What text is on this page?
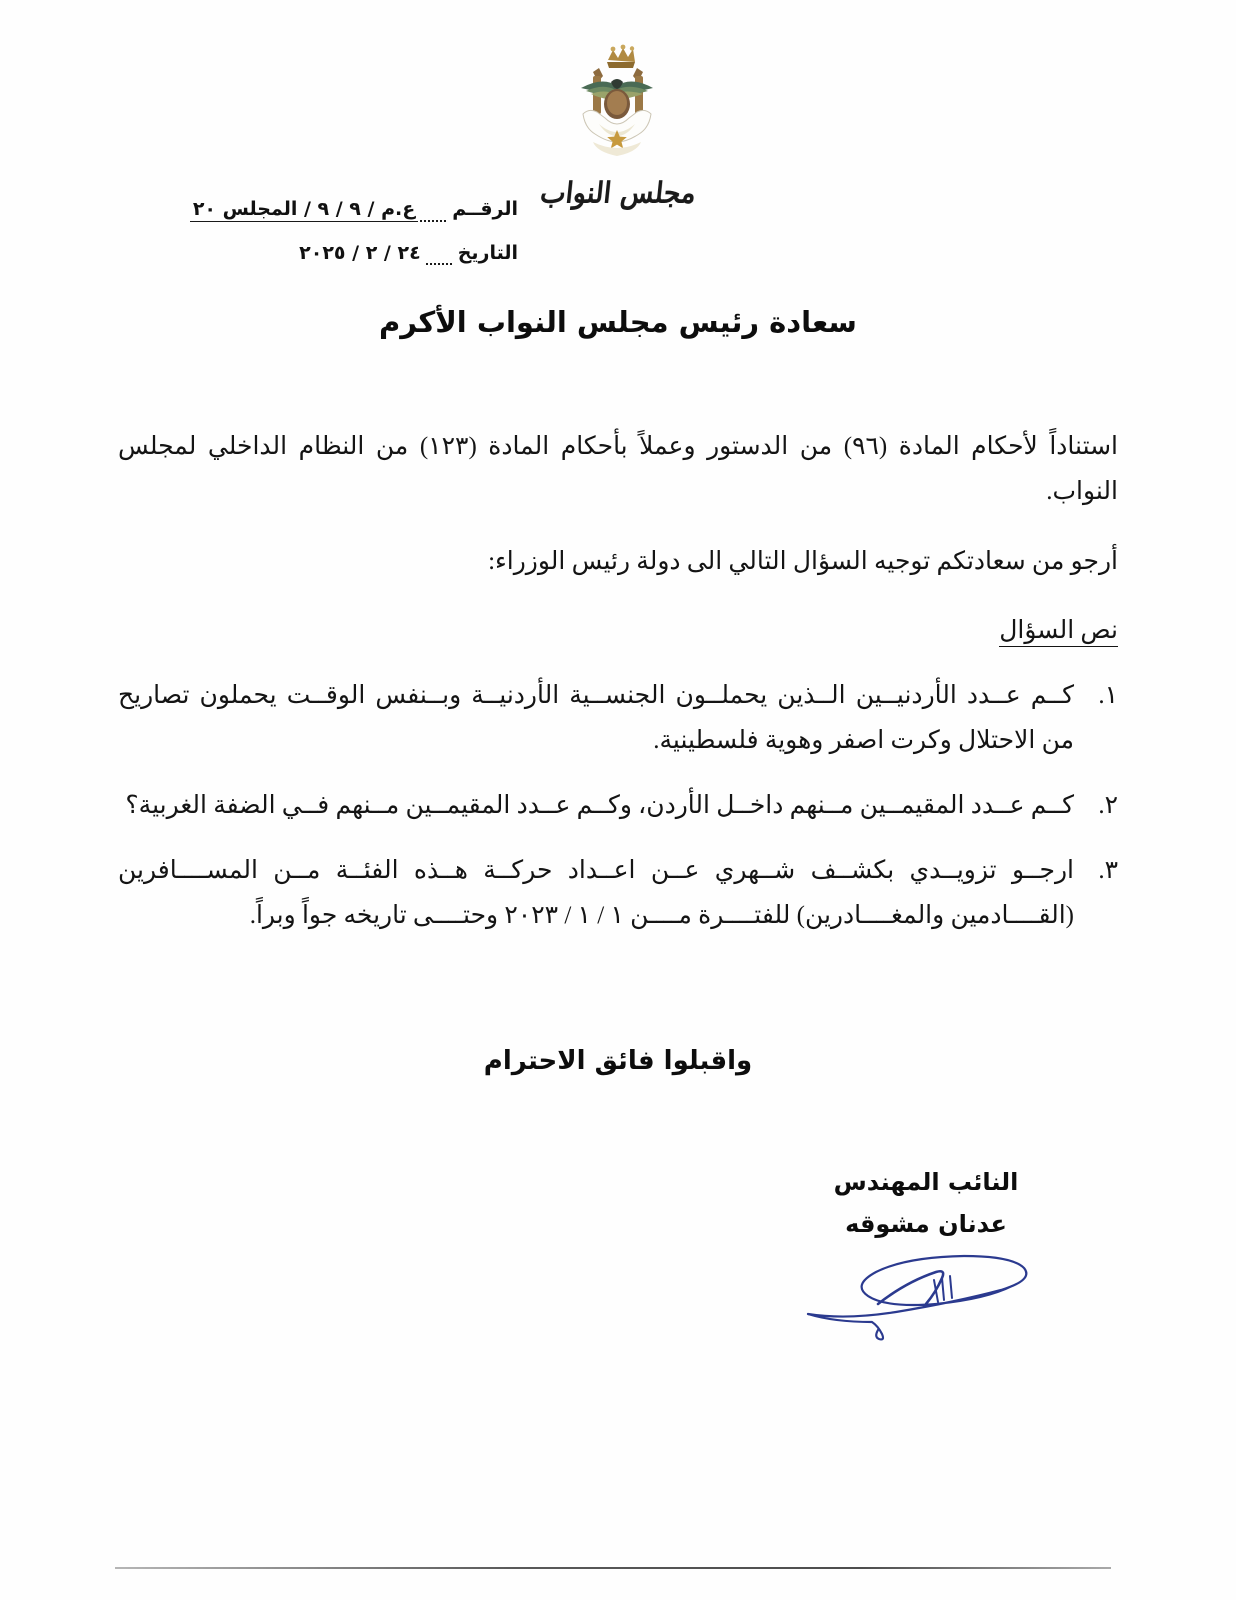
مجلس النواب
الرقــم
ع.م / ٩ / ٩ / المجلس ٢٠
التاريخ
٢٤ / ٢ / ٢٠٢٥
سعادة رئيس مجلس النواب الأكرم

استناداً لأحكام المادة (٩٦) من الدستور وعملاً بأحكام المادة (١٢٣) من النظام الداخلي لمجلس النواب.

أرجو من سعادتكم توجيه السؤال التالي الى دولة رئيس الوزراء:

نص السؤال
١.
كــم عــدد الأردنيــين الــذين يحملــون الجنســية الأردنيــة وبــنفس الوقــت يحملون تصاريح من الاحتلال وكرت اصفر وهوية فلسطينية.
٢.
كــم عــدد المقيمــين مــنهم داخــل الأردن، وكــم عــدد المقيمــين مــنهم فــي الضفة الغربية؟
٣.
ارجــو تزويــدي بكشــف شــهري عــن اعــداد حركــة هــذه الفئــة مــن المســــافرين (القــــادمين والمغــــادرين) للفتــــرة مــــن ١ / ١ / ٢٠٢٣ وحتــــى تاريخه جواً وبراً.
واقبلوا فائق الاحترام
النائب المهندس
عدنان مشوقه
